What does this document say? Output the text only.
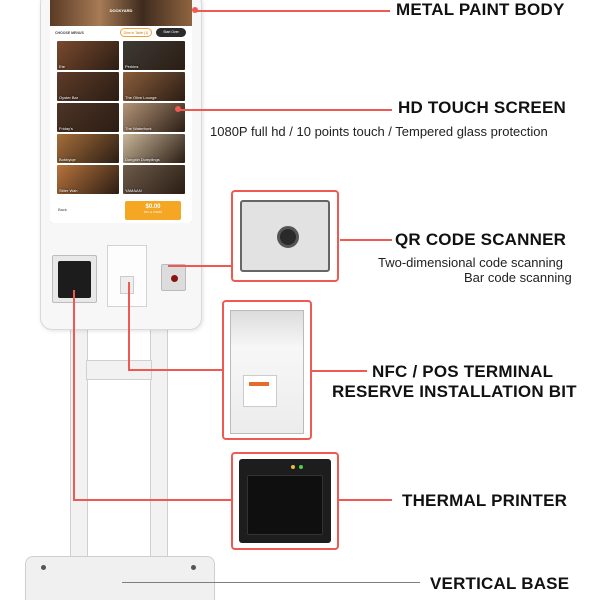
DOCKYARD
CHOOSE MENUS	Dine in Table (1)	Start Over
Ete	Perkins
Oyster Bar	The Olive Lounge
Friday's	The Waterfront
Bobbyiqe	Dongxin Dumplings
Sitter Wah	YAMAAN
Back	$0.00
PAY & ITEMS
METAL PAINT BODY
HD TOUCH SCREEN
1080P full hd / 10 points touch / Tempered glass protection
QR CODE SCANNER
Two-dimensional code scanning
Bar code scanning
NFC / POS TERMINAL
RESERVE INSTALLATION BIT
THERMAL PRINTER
VERTICAL BASE
